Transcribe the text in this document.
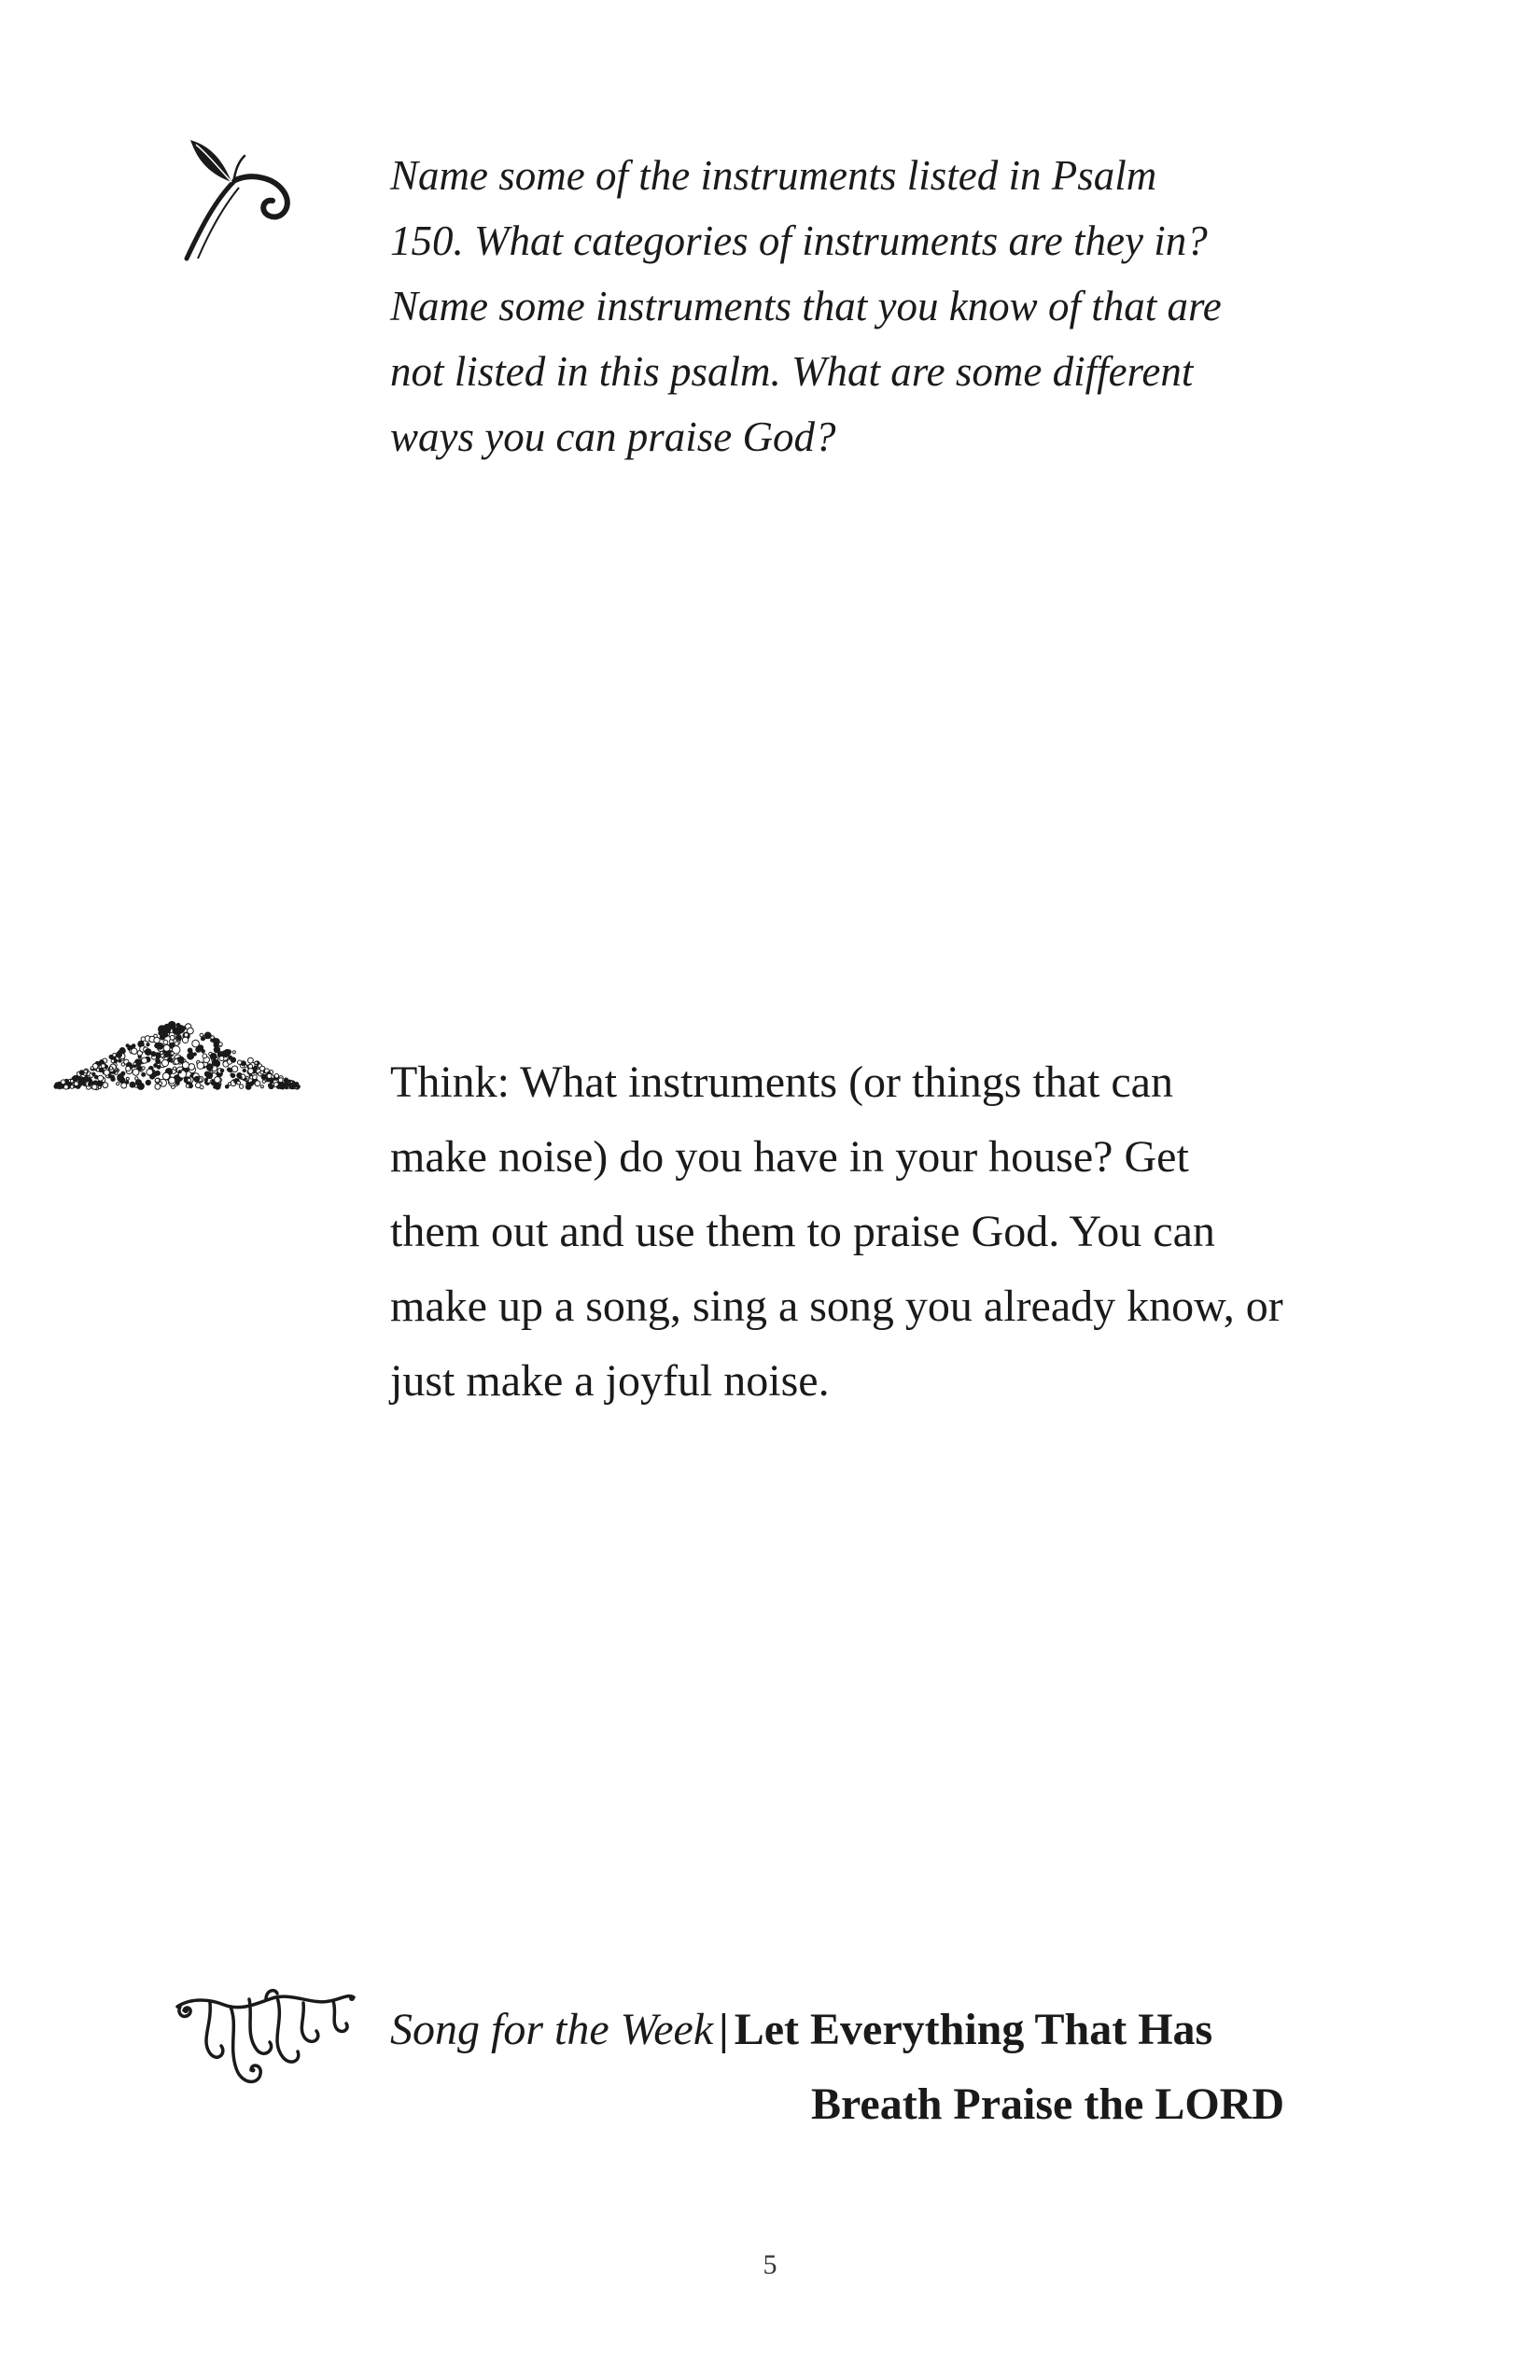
Name some of the instruments listed in Psalm

150. What categories of instruments are they in?

Name some instruments that you know of that are

not listed in this psalm. What are some different

ways you can praise God?

Think: What instruments (or things that can

make noise) do you have in your house? Get

them out and use them to praise God. You can

make up a song, sing a song you already know, or

just make a joyful noise.

Song for the Week | Let Everything That Has
Breath Praise the LORD
5
